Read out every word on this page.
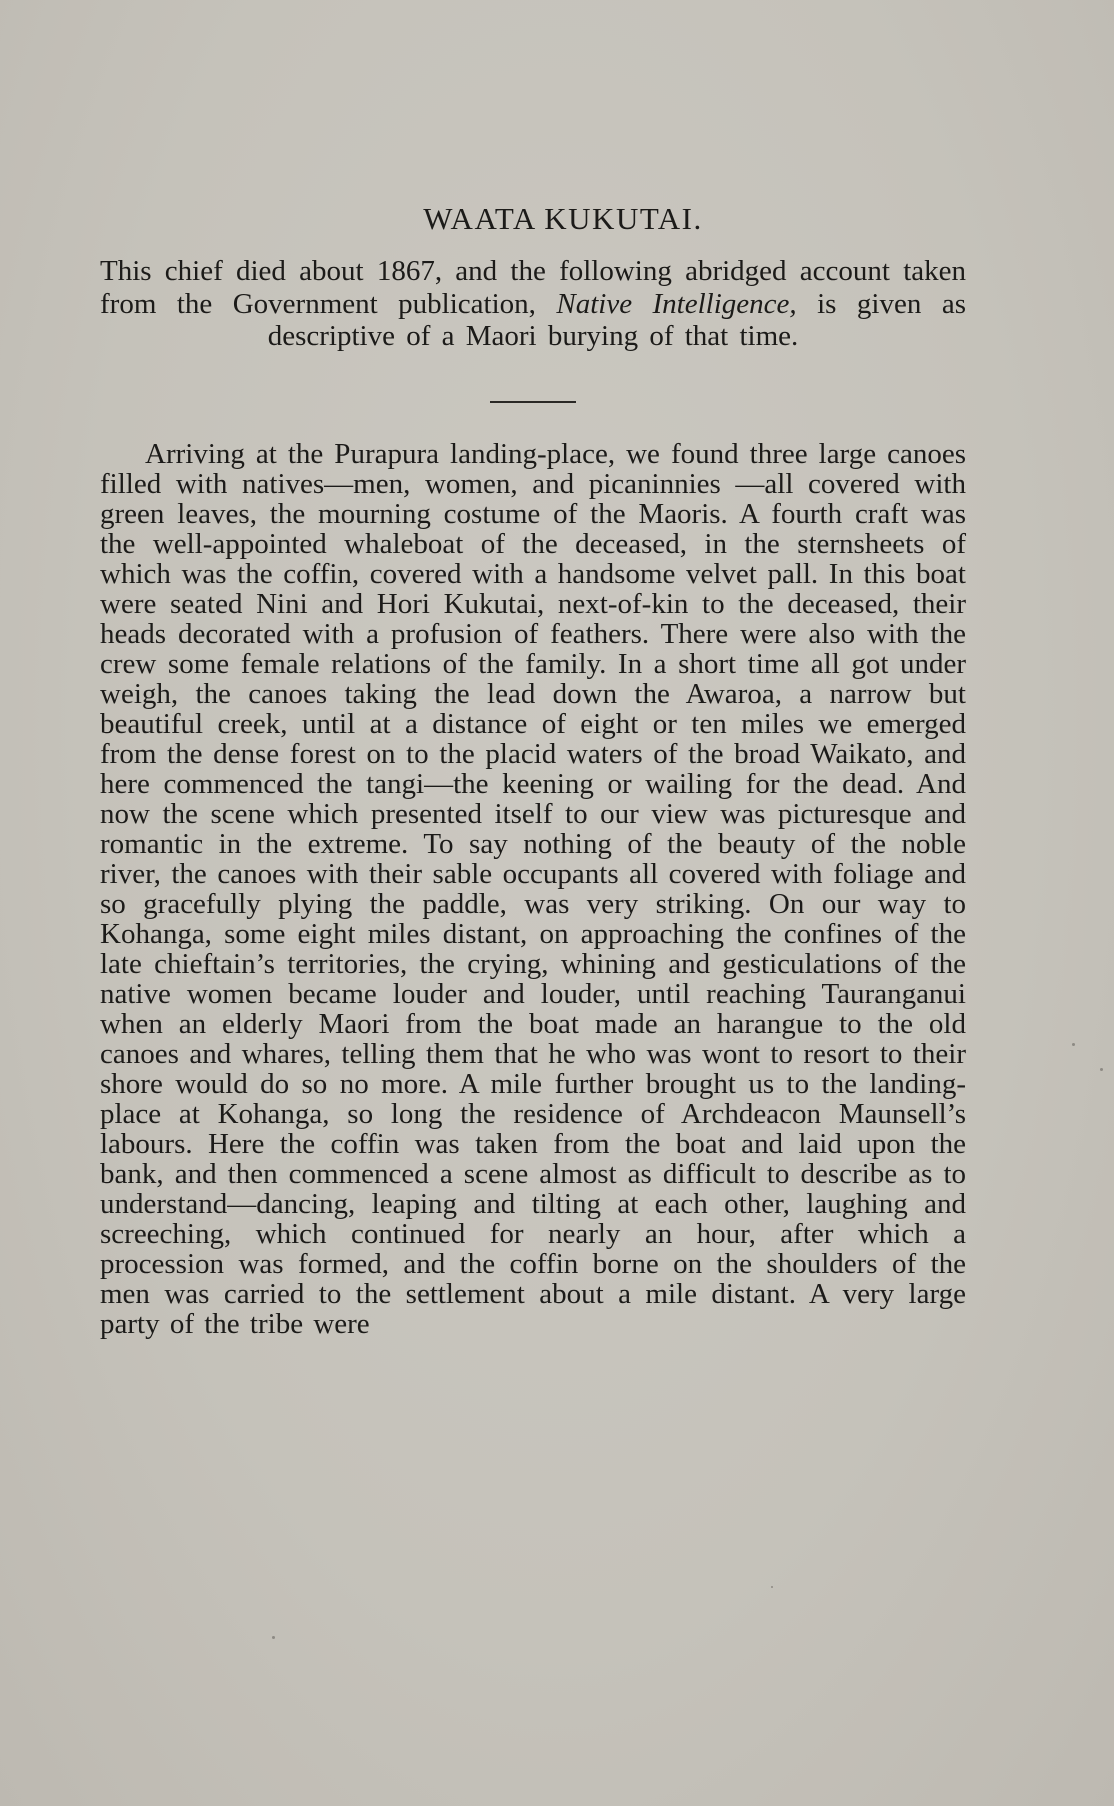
WAATA KUKUTAI.

This chief died about 1867, and the following abridged account taken from the Government publication, Native Intelligence, is given as descriptive of a Maori burying of that time.

Arriving at the Purapura landing-place, we found three large canoes filled with natives—men, women, and picaninnies —all covered with green leaves, the mourning costume of the Maoris. A fourth craft was the well-appointed whaleboat of the deceased, in the sternsheets of which was the coffin, covered with a handsome velvet pall. In this boat were seated Nini and Hori Kukutai, next-of-kin to the deceased, their heads decorated with a profusion of feathers. There were also with the crew some female relations of the family. In a short time all got under weigh, the canoes taking the lead down the Awaroa, a narrow but beautiful creek, until at a distance of eight or ten miles we emerged from the dense forest on to the placid waters of the broad Waikato, and here commenced the tangi—the keening or wailing for the dead. And now the scene which presented itself to our view was picturesque and romantic in the extreme. To say nothing of the beauty of the noble river, the canoes with their sable occupants all covered with foliage and so gracefully plying the paddle, was very striking. On our way to Kohanga, some eight miles distant, on approaching the confines of the late chieftain’s territories, the crying, whining and gesticulations of the native women became louder and louder, until reaching Tauranganui when an elderly Maori from the boat made an harangue to the old canoes and whares, telling them that he who was wont to resort to their shore would do so no more. A mile further brought us to the landing-place at Kohanga, so long the residence of Archdeacon Maunsell’s labours. Here the coffin was taken from the boat and laid upon the bank, and then commenced a scene almost as difficult to describe as to understand—dancing, leaping and tilting at each other, laughing and screeching, which continued for nearly an hour, after which a procession was formed, and the coffin borne on the shoulders of the men was carried to the settlement about a mile distant. A very large party of the tribe were
